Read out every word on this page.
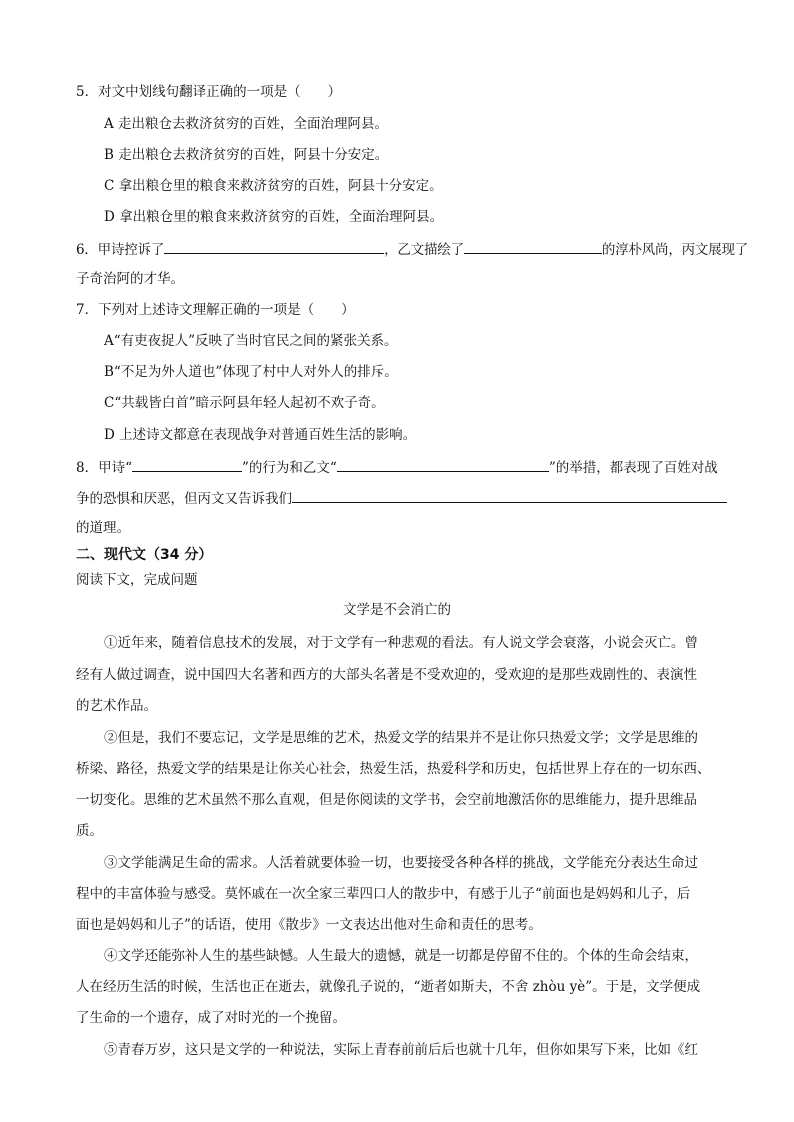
5．对文中划线句翻译正确的一项是（　　）
A 走出粮仓去救济贫穷的百姓，全面治理阿县。
B 走出粮仓去救济贫穷的百姓，阿县十分安定。
C 拿出粮仓里的粮食来救济贫穷的百姓，阿县十分安定。
D 拿出粮仓里的粮食来救济贫穷的百姓，全面治理阿县。
6．甲诗控诉了	，乙文描绘了	的淳朴风尚，丙文展现了
子奇治阿的才华。
7．下列对上述诗文理解正确的一项是（　　）
A“有吏夜捉人”反映了当时官民之间的紧张关系。
B“不足为外人道也”体现了村中人对外人的排斥。
C“共载皆白首”暗示阿县年轻人起初不欢子奇。
D 上述诗文都意在表现战争对普通百姓生活的影响。
8．甲诗“	”的行为和乙文“	”的举措，都表现了百姓对战
争的恐惧和厌恶，但丙文又告诉我们
的道理。
二、现代文（34 分）
阅读下文，完成问题
文学是不会消亡的
①近年来，随着信息技术的发展，对于文学有一种悲观的看法。有人说文学会衰落，小说会灭亡。曾
经有人做过调查，说中国四大名著和西方的大部头名著是不受欢迎的，受欢迎的是那些戏剧性的、表演性
的艺术作品。
②但是，我们不要忘记，文学是思维的艺术，热爱文学的结果并不是让你只热爱文学；文学是思维的
桥梁、路径，热爱文学的结果是让你关心社会，热爱生活，热爱科学和历史，包括世界上存在的一切东西、
一切变化。思维的艺术虽然不那么直观，但是你阅读的文学书，会空前地激活你的思维能力，提升思维品
质。
③文学能满足生命的需求。人活着就要体验一切，也要接受各种各样的挑战，文学能充分表达生命过
程中的丰富体验与感受。莫怀戚在一次全家三辈四口人的散步中，有感于儿子“前面也是妈妈和儿子，后
面也是妈妈和儿子”的话语，使用《散步》一文表达出他对生命和责任的思考。
④文学还能弥补人生的基些缺憾。人生最大的遗憾，就是一切都是停留不住的。个体的生命会结束，
人在经历生活的时候，生活也正在逝去，就像孔子说的，“逝者如斯夫，不舍 zhòu yè”。于是，文学便成
了生命的一个遗存，成了对时光的一个挽留。
⑤青春万岁，这只是文学的一种说法，实际上青春前前后后也就十几年，但你如果写下来，比如《红
